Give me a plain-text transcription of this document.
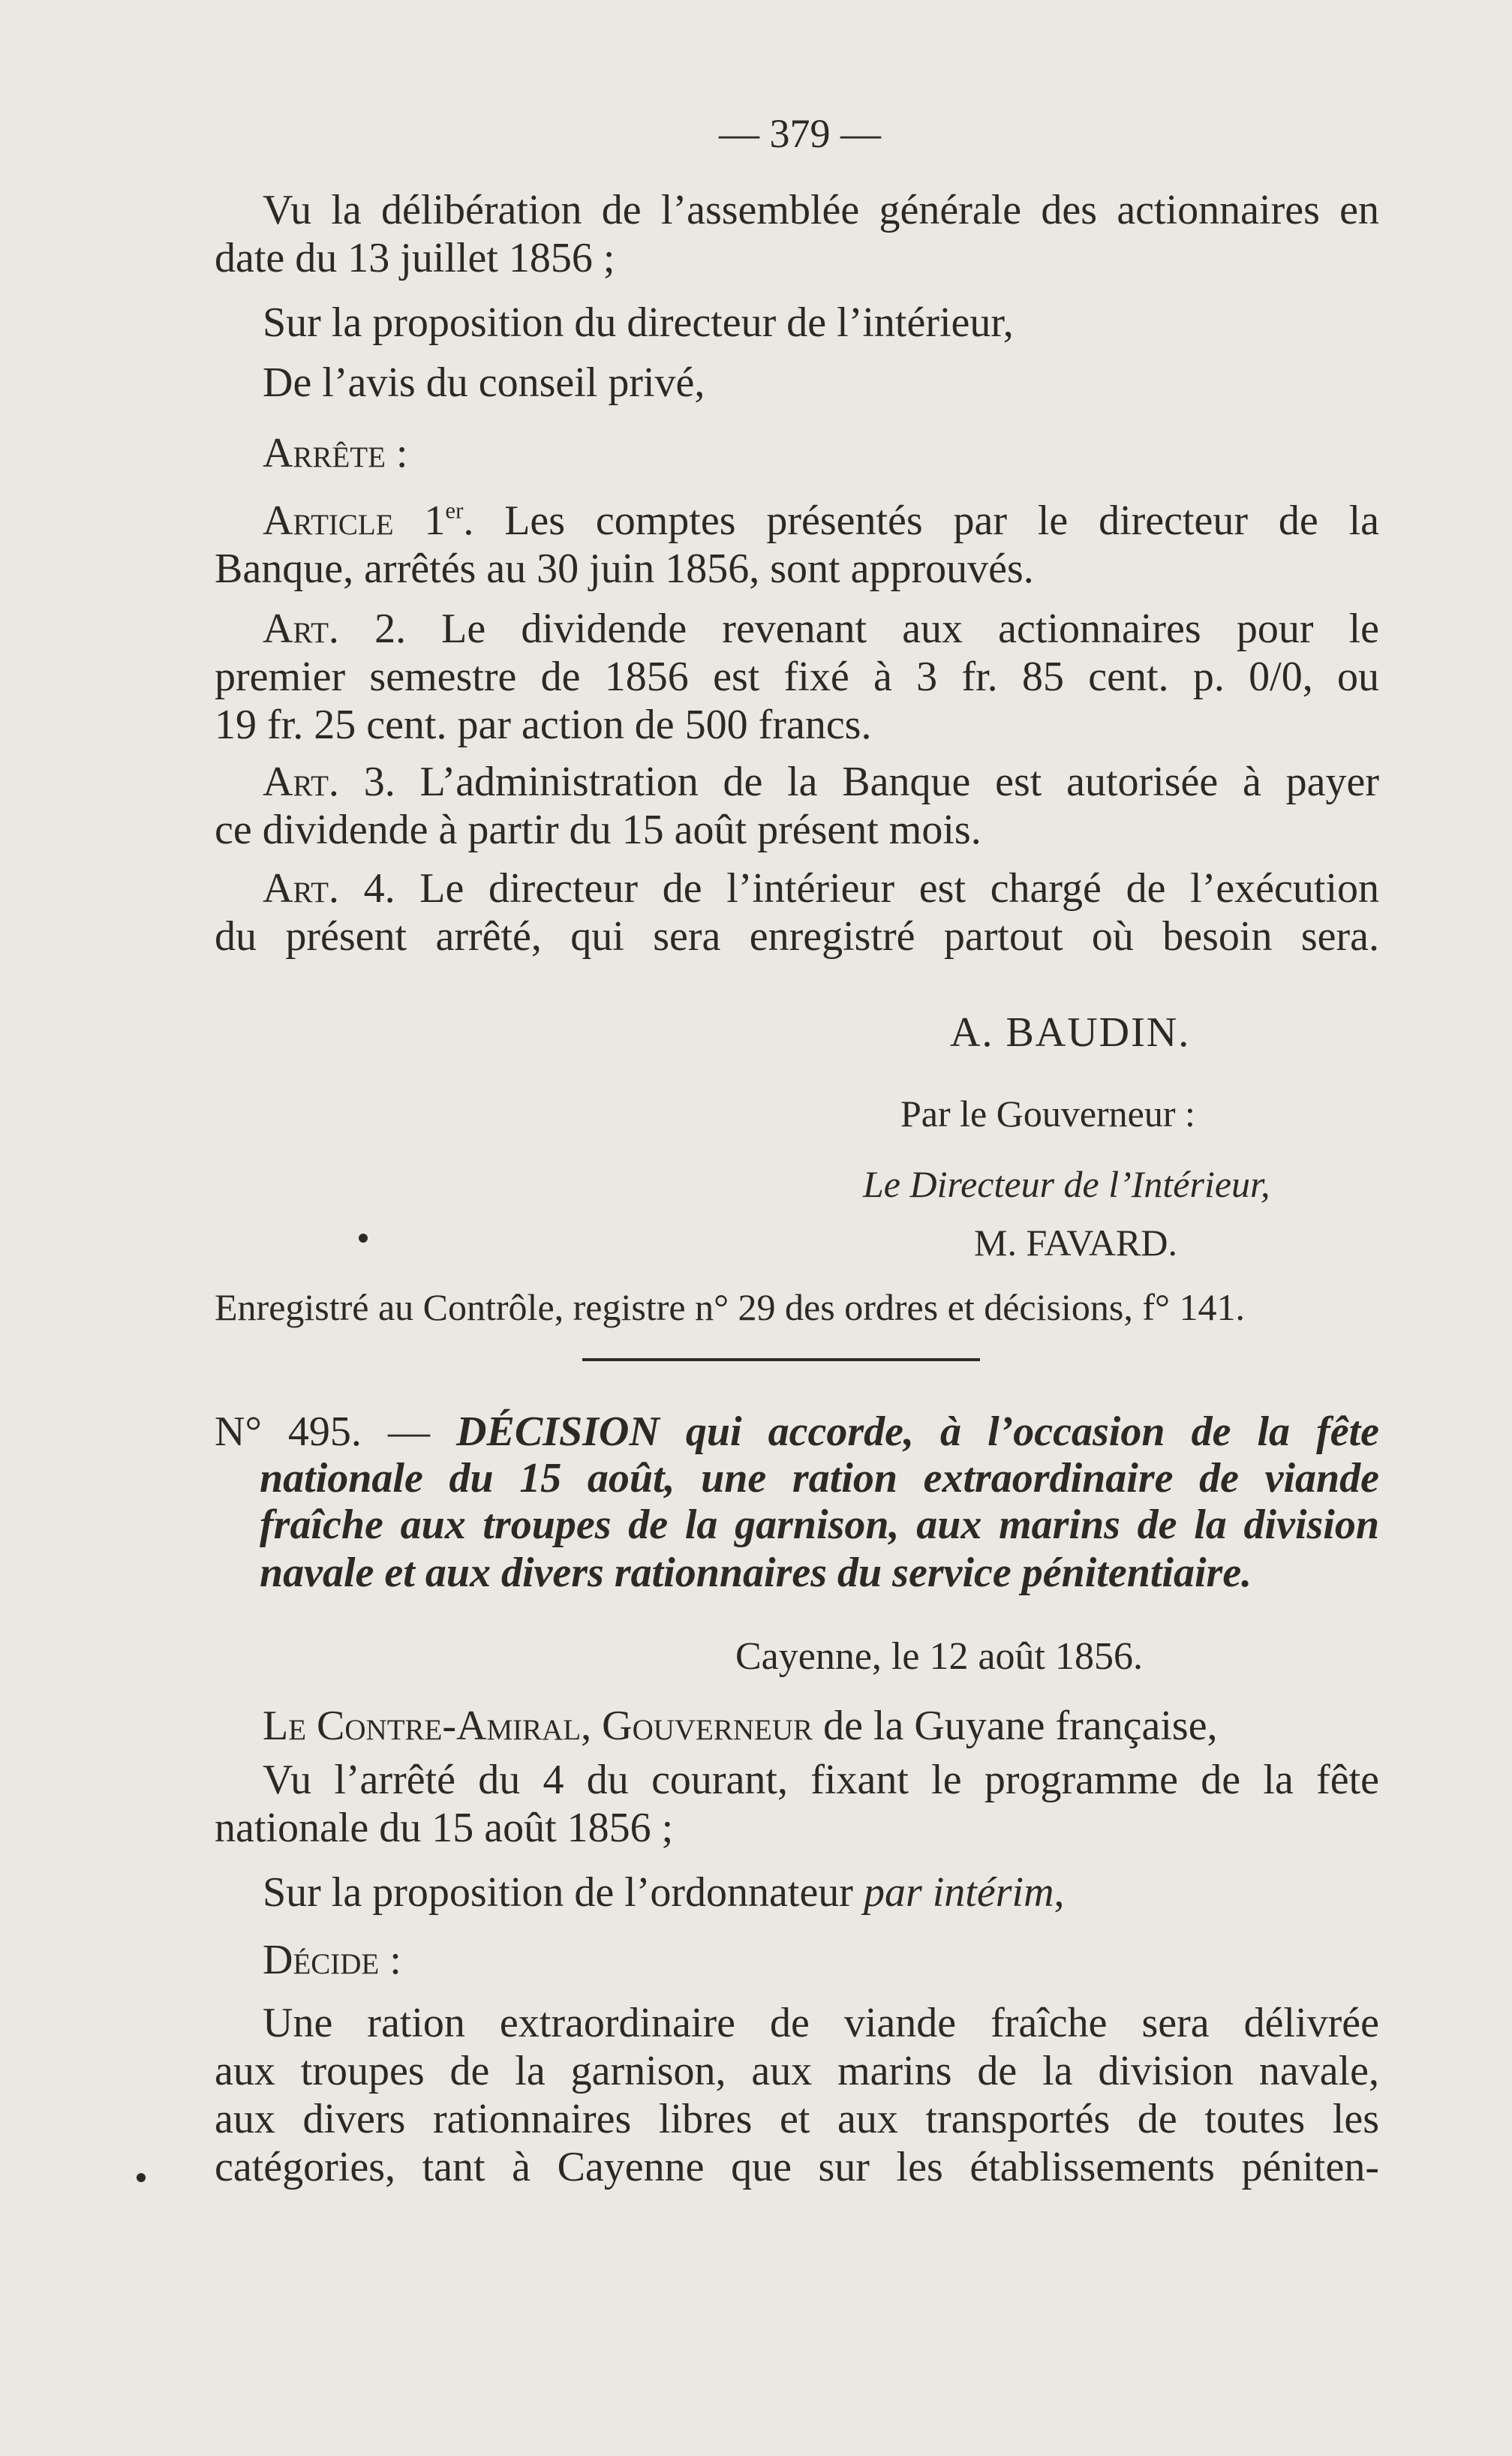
— 379 —
Vu la délibération de l’assemblée générale des actionnaires en
date du 13 juillet 1856 ;
Sur la proposition du directeur de l’intérieur,
De l’avis du conseil privé,
Arrête :
Article 1er. Les comptes présentés par le directeur de la
Banque, arrêtés au 30 juin 1856, sont approuvés.
Art. 2. Le dividende revenant aux actionnaires pour le
premier semestre de 1856 est fixé à 3 fr. 85 cent. p. 0/0, ou
19 fr. 25 cent. par action de 500 francs.
Art. 3. L’administration de la Banque est autorisée à payer
ce dividende à partir du 15 août présent mois.
Art. 4. Le directeur de l’intérieur est chargé de l’exécution
du présent arrêté, qui sera enregistré partout où besoin sera.
A. BAUDIN.
Par le Gouverneur :
Le Directeur de l’Intérieur,
M. FAVARD.
Enregistré au Contrôle, registre n° 29 des ordres et décisions, f° 141.
N° 495. — DÉCISION qui accorde, à l’occasion de la fête
nationale du 15 août, une ration extraordinaire de viande
fraîche aux troupes de la garnison, aux marins de la division
navale et aux divers rationnaires du service pénitentiaire.
Cayenne, le 12 août 1856.
Le Contre-Amiral, Gouverneur de la Guyane française,
Vu l’arrêté du 4 du courant, fixant le programme de la fête
nationale du 15 août 1856 ;
Sur la proposition de l’ordonnateur par intérim,
Décide :
Une ration extraordinaire de viande fraîche sera délivrée
aux troupes de la garnison, aux marins de la division navale,
aux divers rationnaires libres et aux transportés de toutes les
catégories, tant à Cayenne que sur les établissements péniten-
